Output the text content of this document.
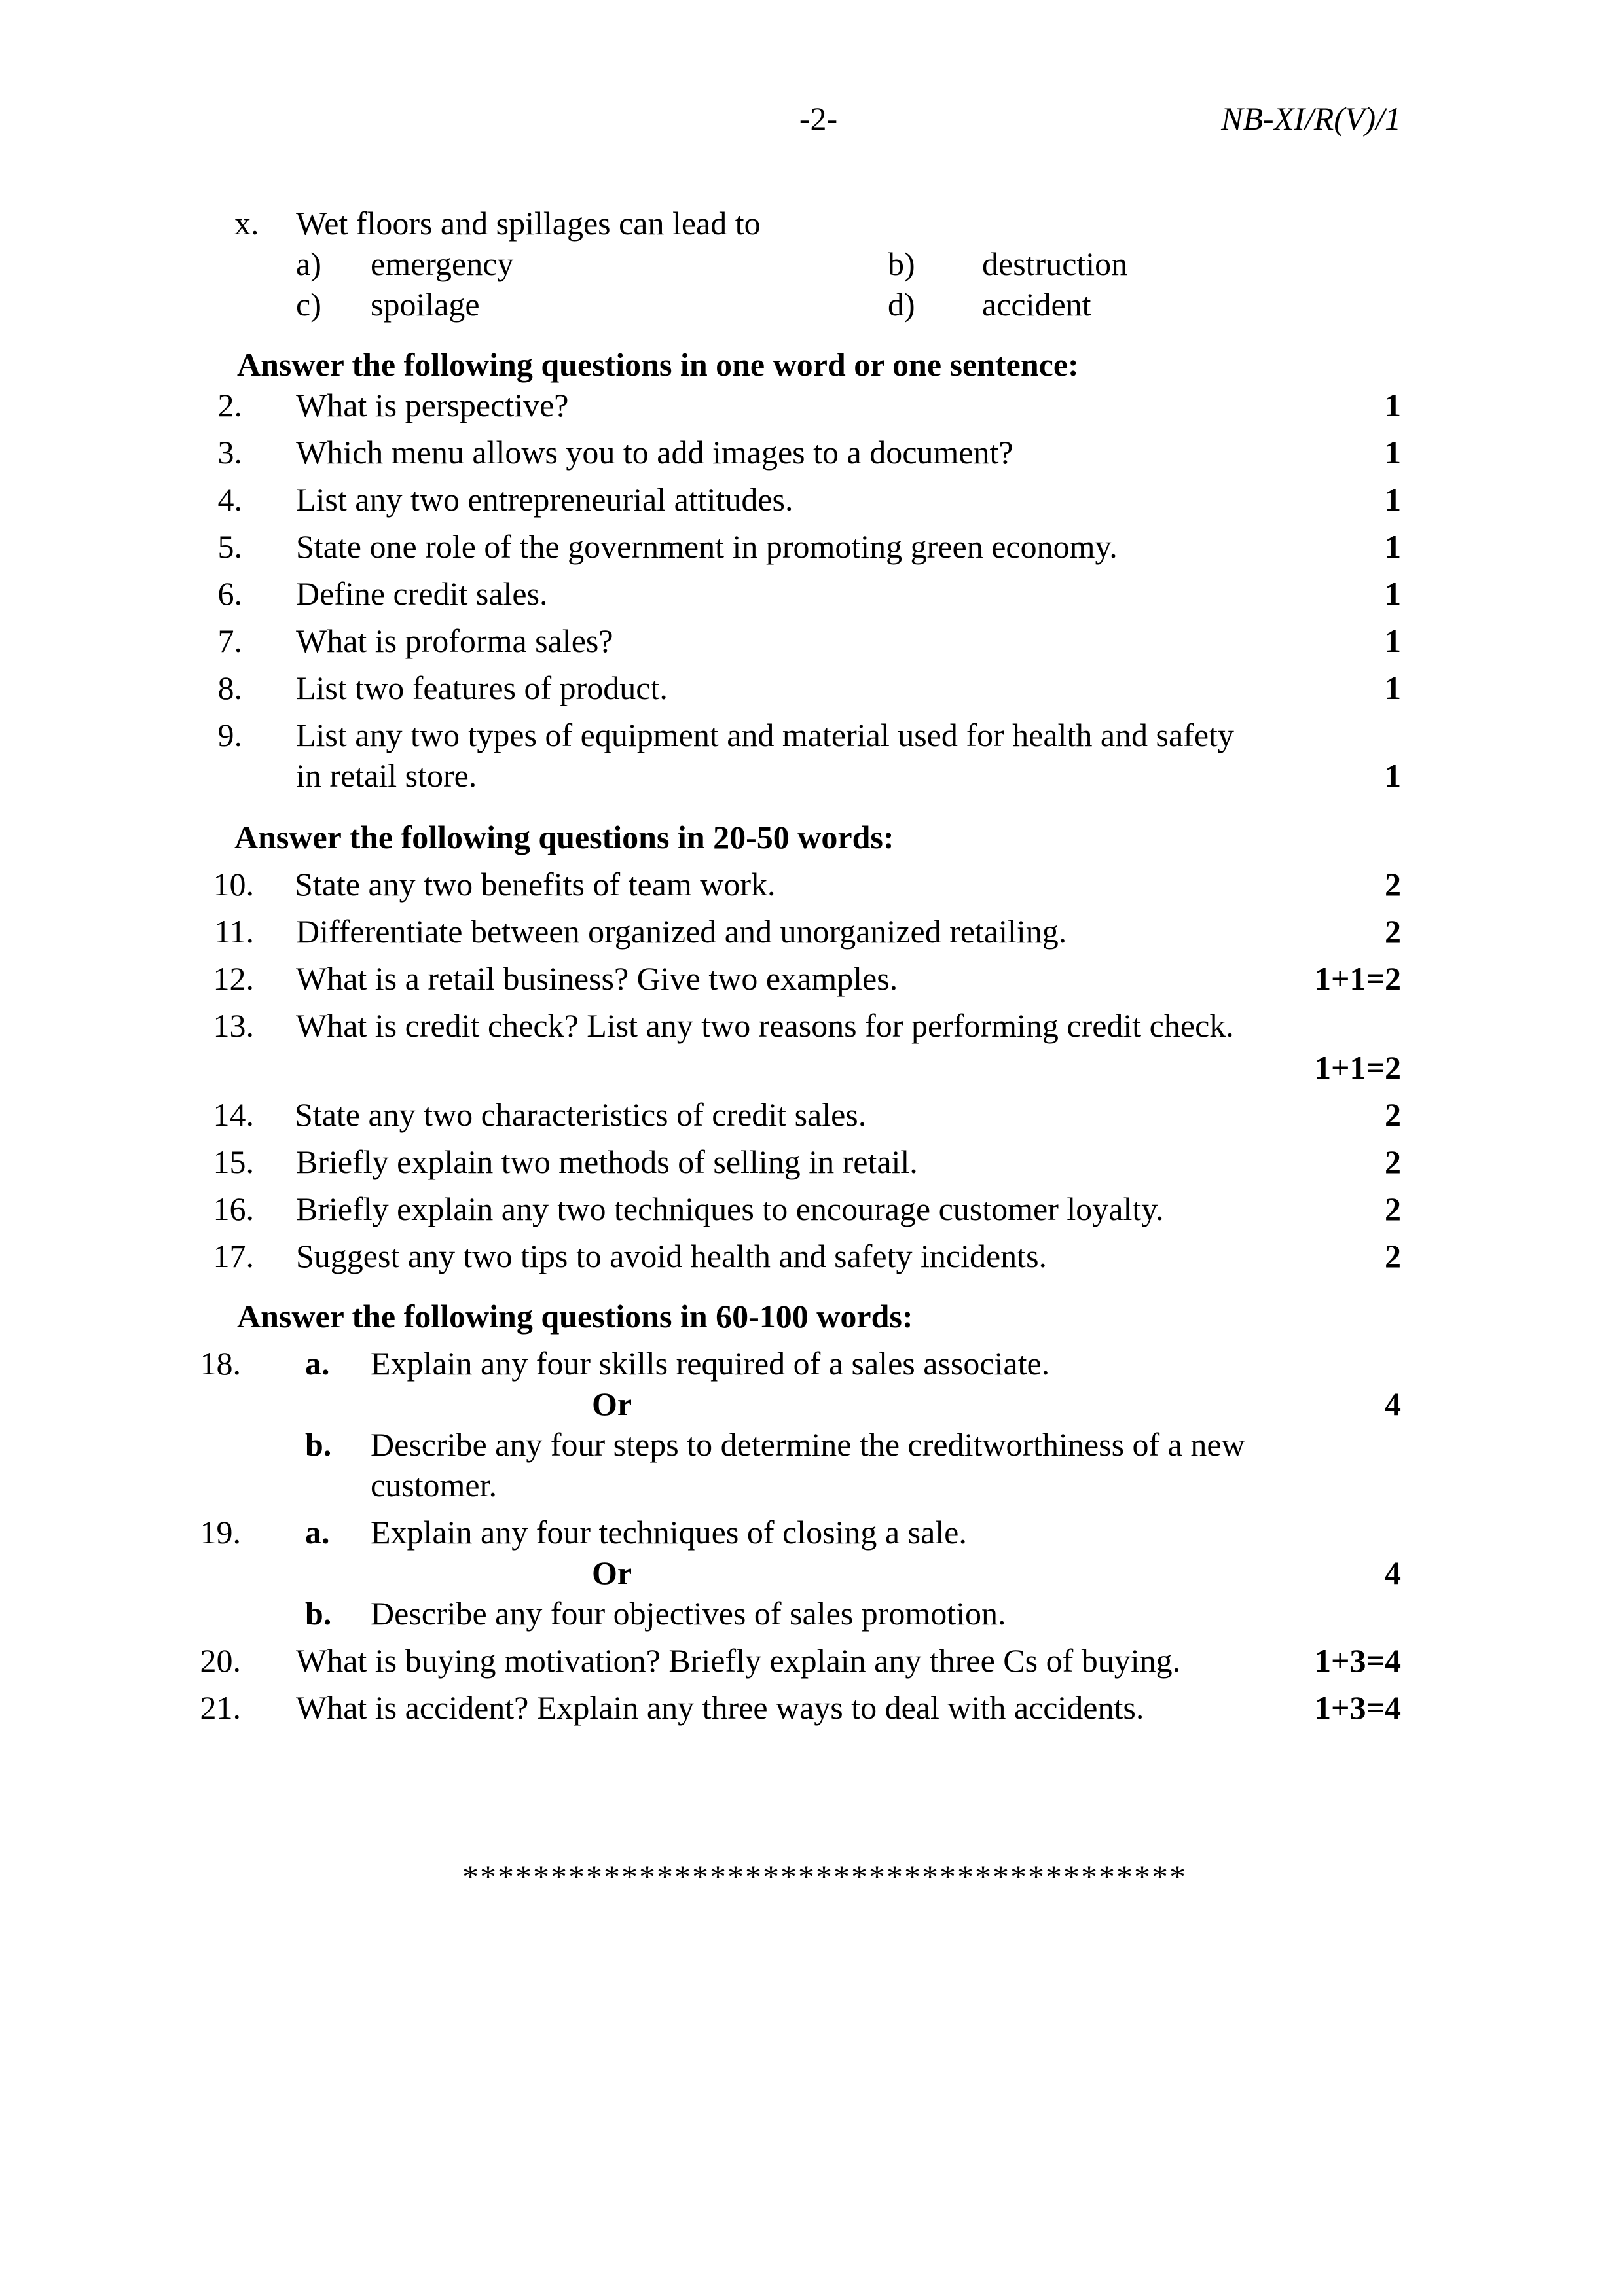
-2-	NB-XI/R(V)/1
x. Wet floors and spillages can lead to
a) emergency	b) destruction
c) spoilage	d) accident
Answer the following questions in one word or one sentence:
2. What is perspective?	1
3. Which menu allows you to add images to a document?	1
4. List any two entrepreneurial attitudes.	1
5. State one role of the government in promoting green economy.	1
6. Define credit sales.	1
7. What is proforma sales?	1
8. List two features of product.	1
9. List any two types of equipment and material used for health and safety
in retail store.	1
Answer the following questions in 20-50 words:
10. State any two benefits of team work.	2
11. Differentiate between organized and unorganized retailing.	2
12. What is a retail business? Give two examples.	1+1=2
13. What is credit check? List any two reasons for performing credit check.
1+1=2
14. State any two characteristics of credit sales.	2
15. Briefly explain two methods of selling in retail.	2
16. Briefly explain any two techniques to encourage customer loyalty.	2
17. Suggest any two tips to avoid health and safety incidents.	2
Answer the following questions in 60-100 words:
18. a. Explain any four skills required of a sales associate.
Or	4
b. Describe any four steps to determine the creditworthiness of a new
customer.
19. a. Explain any four techniques of closing a sale.
Or	4
b. Describe any four objectives of sales promotion.
20. What is buying motivation? Briefly explain any three Cs of buying.	1+3=4
21. What is accident? Explain any three ways to deal with accidents.	1+3=4
*****************************************
